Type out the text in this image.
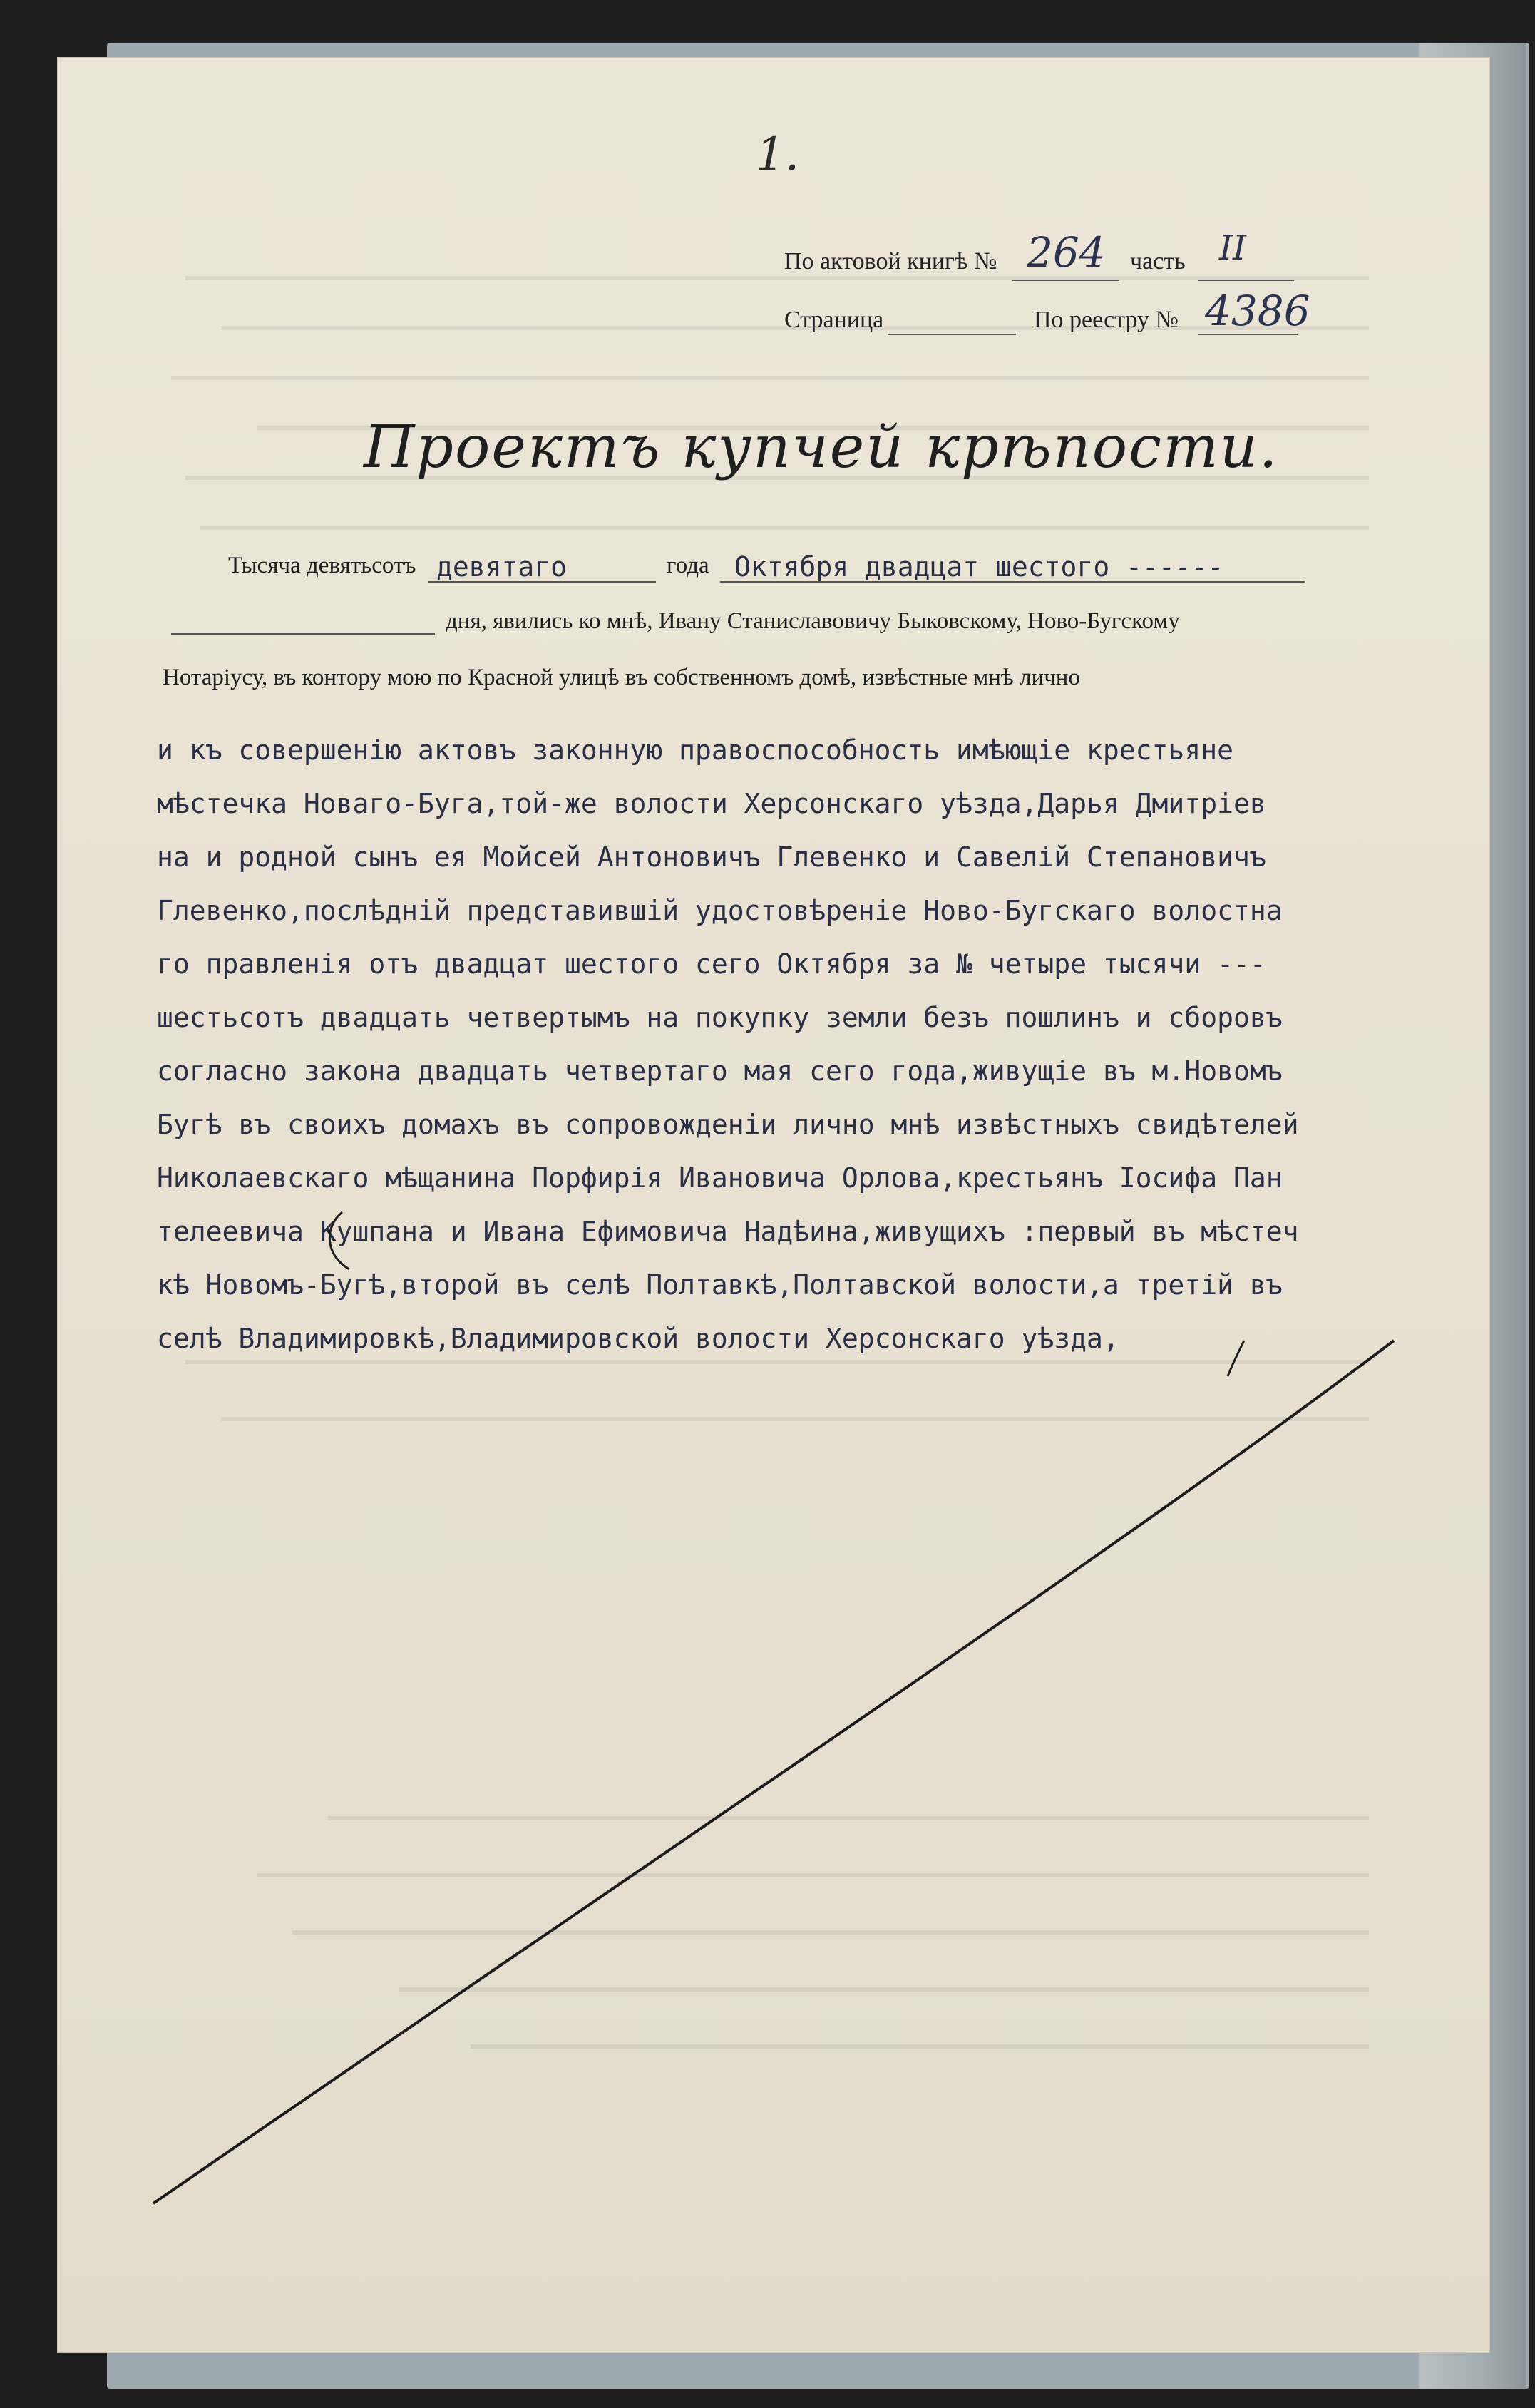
1.
По актовой книгѣ № 264 часть II
Страница	По реестру № 4386
Проектъ купчей крѣпости.
Тысяча девятьсотъ девятаго	года Октября двадцат шестого ------
дня, явились ко мнѣ, Ивану Станиславовичу Быковскому, Ново-Бугскому
Нотаріусу, въ контору мою по Красной улицѣ въ собственномъ домѣ, извѣстные мнѣ лично
и къ совершенію актовъ законную правоспособность имѣющіе крестьяне
мѣстечка Новаго-Буга,той-же волости Херсонскаго уѣзда,Дарья Дмитріев
на и родной сынъ ея Мойсей Антоновичъ Глевенко и Савелій Степановичъ
Глевенко,послѣдній представившій удостовѣреніе Ново-Бугскаго волостна
го правленія отъ двадцат шестого сего Октября за № четыре тысячи ---
шестьсотъ двадцать четвертымъ на покупку земли безъ пошлинъ и сборовъ
согласно закона двадцать четвертаго мая сего года,живущіе въ м.Новомъ
Бугѣ въ своихъ домахъ въ сопровожденіи лично мнѣ извѣстныхъ свидѣтелей
Николаевскаго мѣщанина Порфирія Ивановича Орлова,крестьянъ Іосифа Пан
телеевича Кушпана и Ивана Ефимовича Надѣина,живущихъ :первый въ мѣстеч
кѣ Новомъ-Бугѣ,второй въ селѣ Полтавкѣ,Полтавской волости,а третій въ
селѣ Владимировкѣ,Владимировской волости Херсонскаго уѣзда,
